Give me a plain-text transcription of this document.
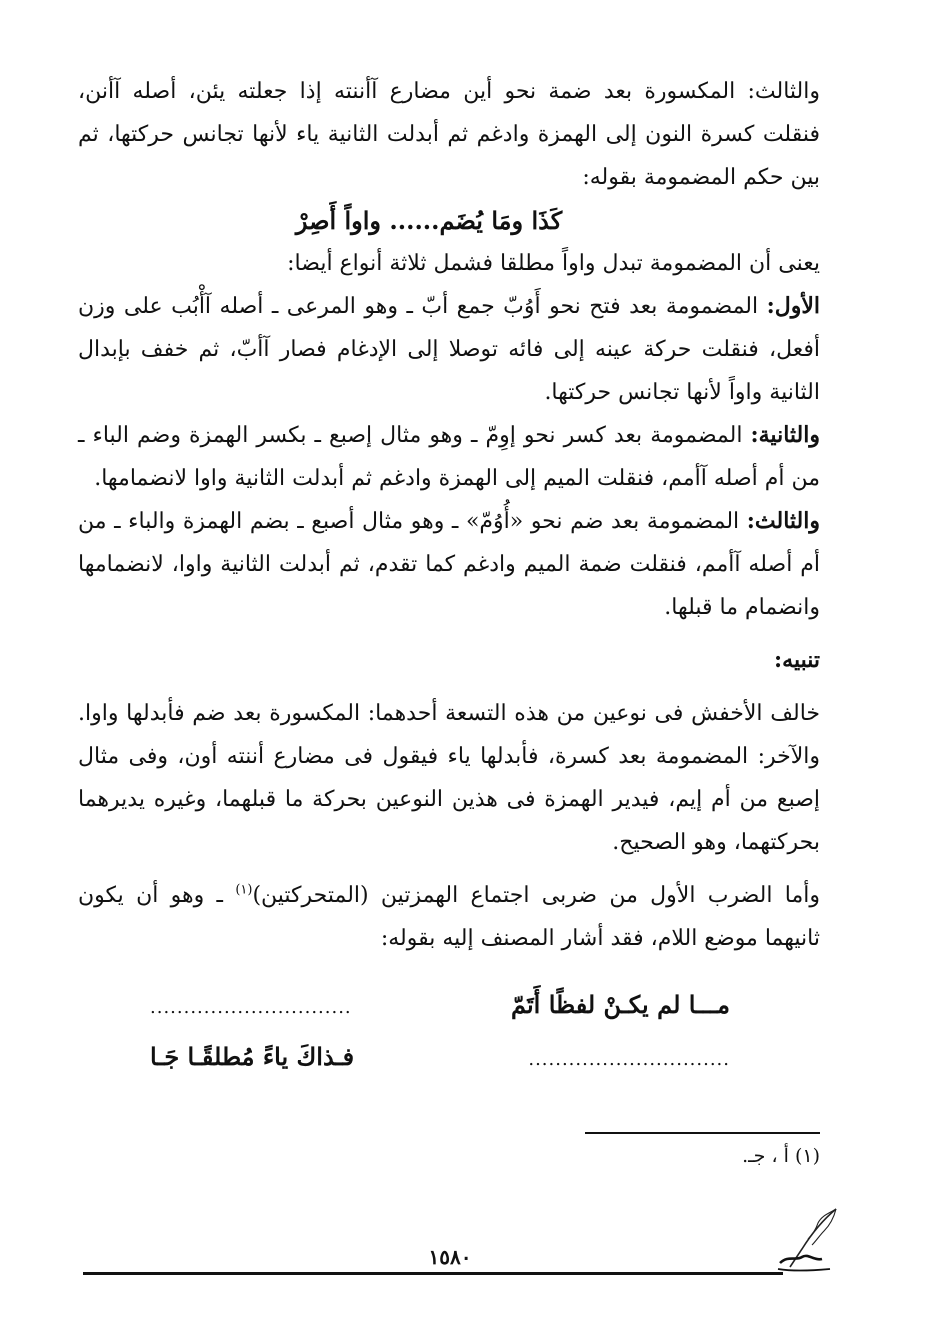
والثالث: المكسورة بعد ضمة نحو أين مضارع آأننته إذا جعلته يئن، أصله آأنن، فنقلت كسرة النون إلى الهمزة وادغم ثم أبدلت الثانية ياء لأنها تجانس حركتها، ثم بين حكم المضمومة بقوله:

كَذَا ومَا يُضَم...... واواً أَصِرْ

يعنى أن المضمومة تبدل واواً مطلقا فشمل ثلاثة أنواع أيضا:

الأول: المضمومة بعد فتح نحو أَوُبّ جمع أبّ ـ وهو المرعى ـ أصله آأْبُب على وزن أفعل، فنقلت حركة عينه إلى فائه توصلا إلى الإدغام فصار آأبّ، ثم خفف بإبدال الثانية واواً لأنها تجانس حركتها.

والثانية: المضمومة بعد كسر نحو إوِمّ ـ وهو مثال إصبع ـ بكسر الهمزة وضم الباء ـ من أم أصله آأمم، فنقلت الميم إلى الهمزة وادغم ثم أبدلت الثانية واوا لانضمامها.

والثالث: المضمومة بعد ضم نحو «أُوُمّ» ـ وهو مثال أصبع ـ بضم الهمزة والباء ـ من أم أصله آأمم، فنقلت ضمة الميم وادغم كما تقدم، ثم أبدلت الثانية واوا، لانضمامها وانضمام ما قبلها.

تنبيه:

خالف الأخفش فى نوعين من هذه التسعة أحدهما: المكسورة بعد ضم فأبدلها واوا. والآخر: المضمومة بعد كسرة، فأبدلها ياء فيقول فى مضارع أننته أون، وفى مثال إصبع من أم إيم، فيدير الهمزة فى هذين النوعين بحركة ما قبلهما، وغيره يديرهما بحركتهما، وهو الصحيح.

وأما الضرب الأول من ضربى اجتماع الهمزتين (المتحركتين)$^{(١)}$ ـ وهو أن يكون ثانيهما موضع اللام، فقد أشار المصنف إليه بقوله:

مـــا لم يكـنْ لفظًا أَتَمّ
..............................
..............................
فـذاكَ ياءً مُطلقًـا جَـا
(١) أ ، جـ.
١٥٨٠
